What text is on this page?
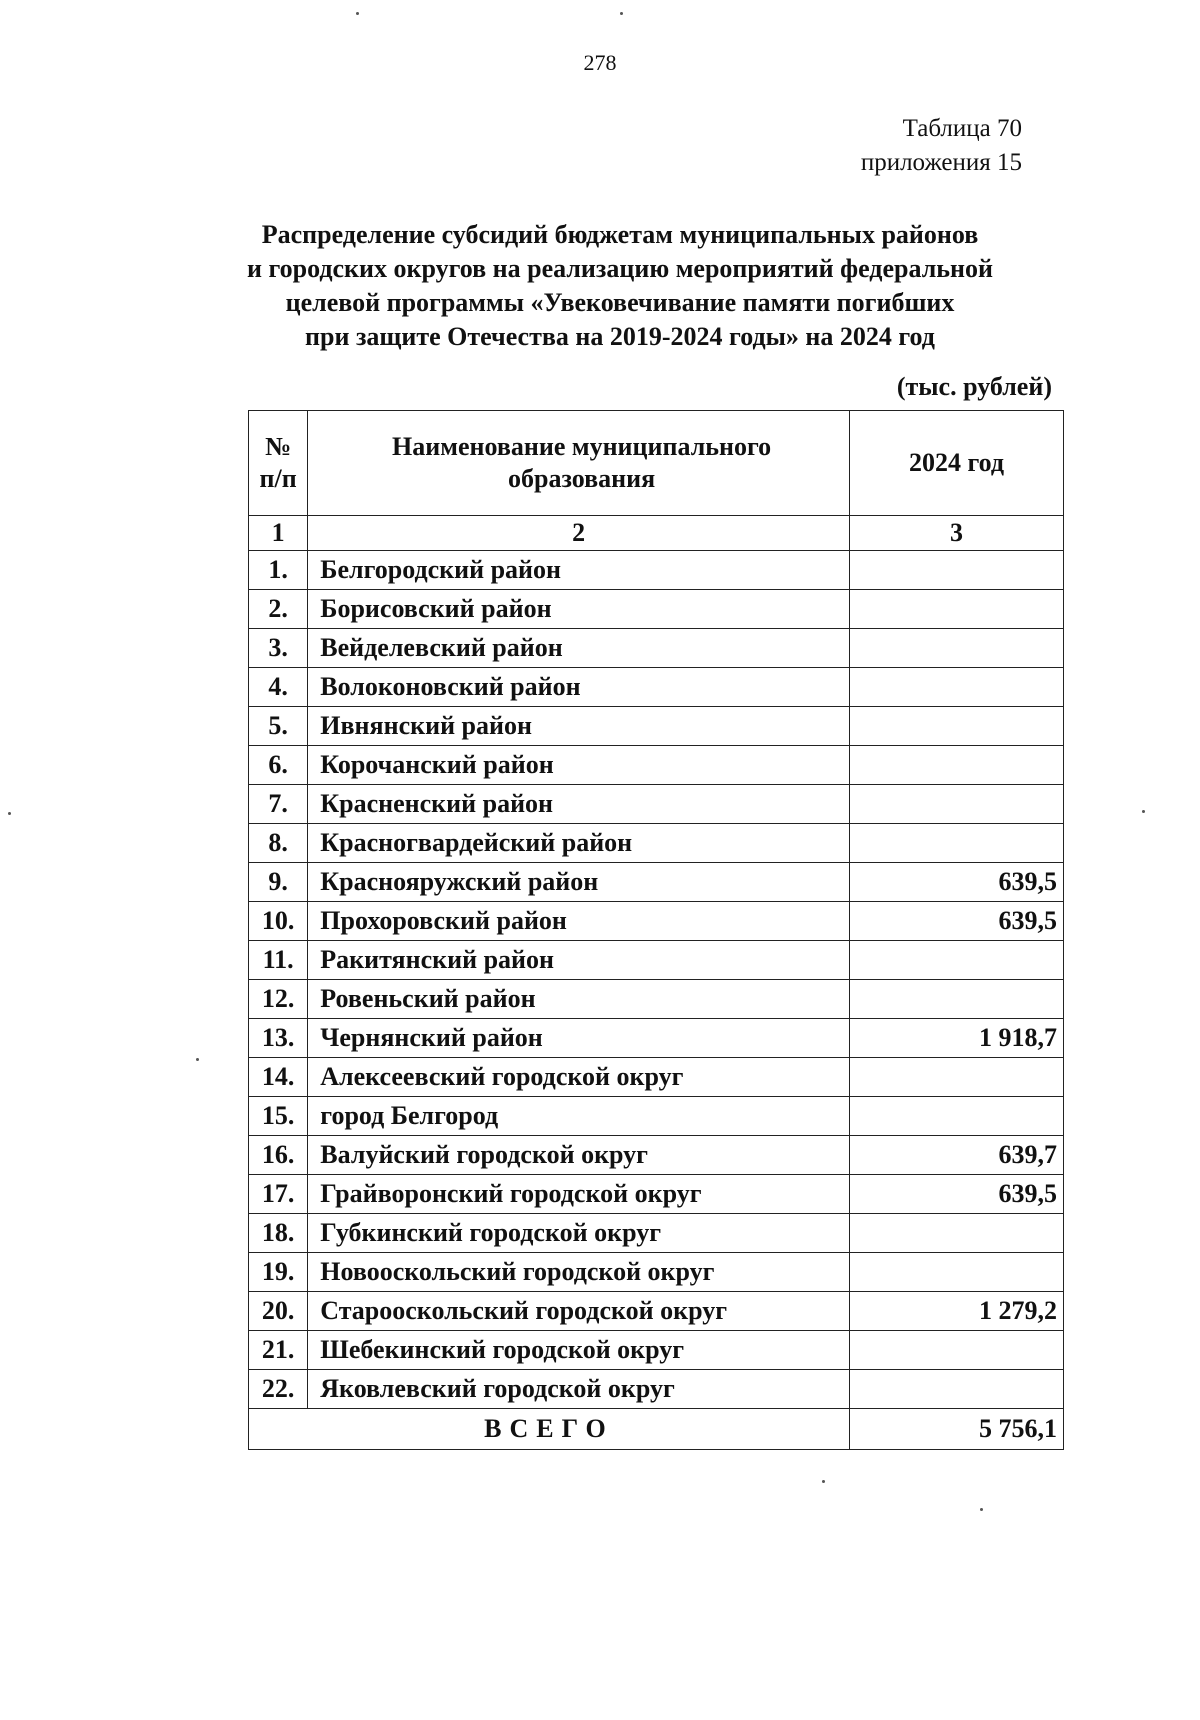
278
Таблица 70
приложения 15
Распределение субсидий бюджетам муниципальных районов
и городских округов на реализацию мероприятий федеральной
целевой программы «Увековечивание памяти погибших
при защите Отечества на 2019-2024 годы» на 2024 год
(тыс. рублей)
№ п/п	Наименование муниципального образования	2024 год
1	2	3
1.	Белгородский район	
2.	Борисовский район	
3.	Вейделевский район	
4.	Волоконовский район	
5.	Ивнянский район	
6.	Корочанский район	
7.	Красненский район	
8.	Красногвардейский район	
9.	Краснояружский район	639,5
10.	Прохоровский район	639,5
11.	Ракитянский район	
12.	Ровеньский район	
13.	Чернянский район	1 918,7
14.	Алексеевский городской округ	
15.	город Белгород	
16.	Валуйский городской округ	639,7
17.	Грайворонский городской округ	639,5
18.	Губкинский городской округ	
19.	Новооскольский городской округ	
20.	Старооскольский городской округ	1 279,2
21.	Шебекинский городской округ	
22.	Яковлевский городской округ	
ВСЕГО		5 756,1
